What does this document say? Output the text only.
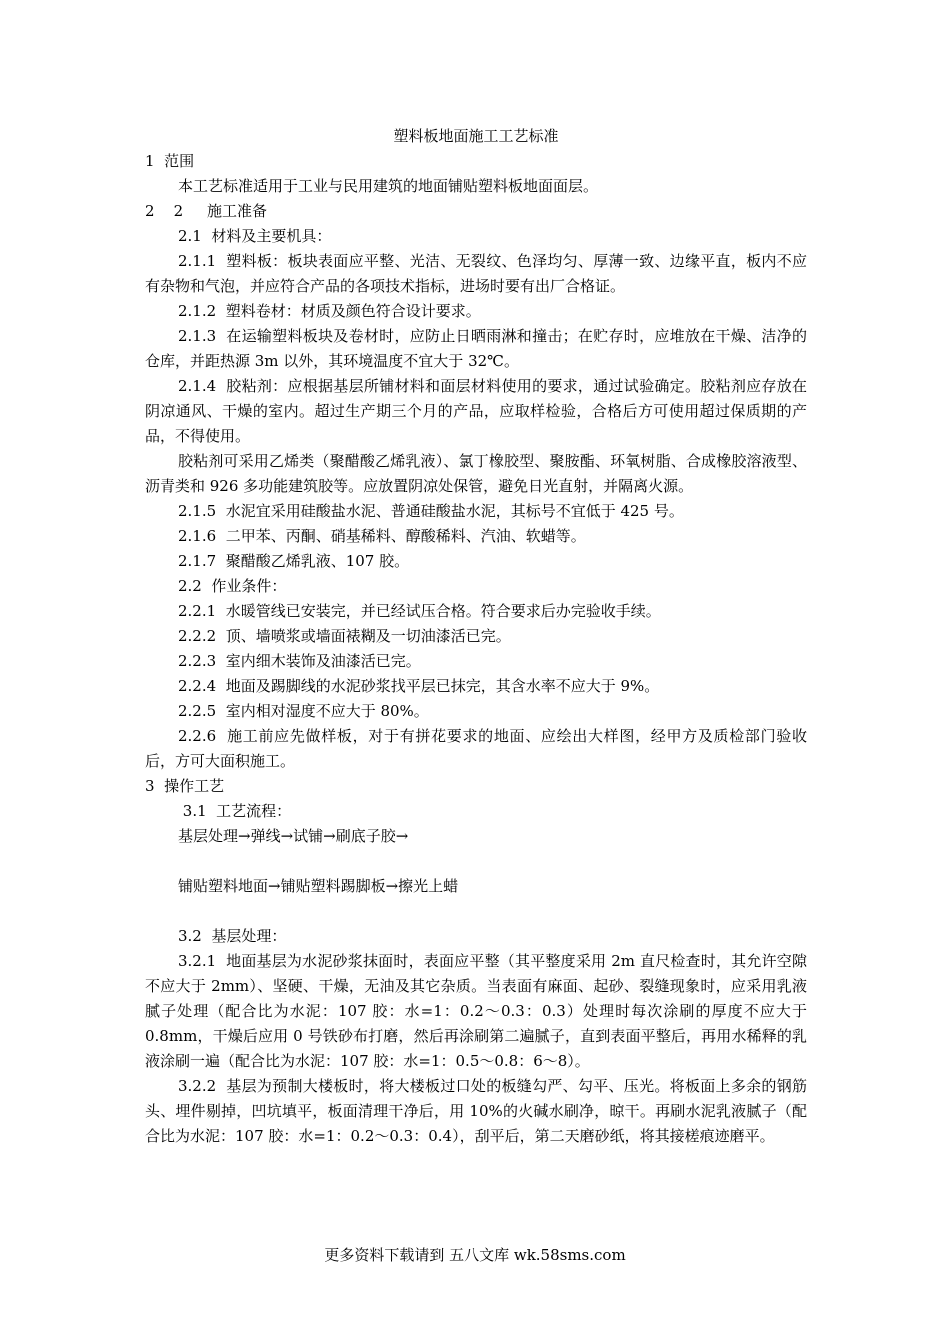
塑料板地面施工工艺标准

1  范围

本工艺标准适用于工业与民用建筑的地面铺贴塑料板地面面层。

2    2     施工准备

2.1  材料及主要机具：

2.1.1  塑料板：板块表面应平整、光洁、无裂纹、色泽均匀、厚薄一致、边缘平直，板内不应有杂物和气泡，并应符合产品的各项技术指标，进场时要有出厂合格证。

2.1.2  塑料卷材：材质及颜色符合设计要求。

2.1.3  在运输塑料板块及卷材时，应防止日晒雨淋和撞击；在贮存时，应堆放在干燥、洁净的仓库，并距热源 3m 以外，其环境温度不宜大于 32℃。

2.1.4  胶粘剂：应根据基层所铺材料和面层材料使用的要求，通过试验确定。胶粘剂应存放在阴凉通风、干燥的室内。超过生产期三个月的产品，应取样检验，合格后方可使用超过保质期的产品，不得使用。

胶粘剂可采用乙烯类（聚醋酸乙烯乳液）、氯丁橡胶型、聚胺酯、环氧树脂、合成橡胶溶液型、沥青类和 926 多功能建筑胶等。应放置阴凉处保管，避免日光直射，并隔离火源。

2.1.5  水泥宜采用硅酸盐水泥、普通硅酸盐水泥，其标号不宜低于 425 号。

2.1.6  二甲苯、丙酮、硝基稀料、醇酸稀料、汽油、软蜡等。

2.1.7  聚醋酸乙烯乳液、107 胶。

2.2  作业条件：

2.2.1  水暖管线已安装完，并已经试压合格。符合要求后办完验收手续。

2.2.2  顶、墙喷浆或墙面裱糊及一切油漆活已完。

2.2.3  室内细木装饰及油漆活已完。

2.2.4  地面及踢脚线的水泥砂浆找平层已抹完，其含水率不应大于 9%。

2.2.5  室内相对湿度不应大于 80%。

2.2.6  施工前应先做样板，对于有拼花要求的地面、应绘出大样图，经甲方及质检部门验收后，方可大面积施工。

3  操作工艺

3.1  工艺流程：

基层处理→弹线→试铺→刷底子胶→

铺贴塑料地面→铺贴塑料踢脚板→擦光上蜡

3.2  基层处理：

3.2.1  地面基层为水泥砂浆抹面时，表面应平整（其平整度采用 2m 直尺检查时，其允许空隙不应大于 2mm）、坚硬、干燥，无油及其它杂质。当表面有麻面、起砂、裂缝现象时，应采用乳液腻子处理（配合比为水泥：107 胶：水=1：0.2～0.3：0.3）处理时每次涂刷的厚度不应大于 0.8mm，干燥后应用 0 号铁砂布打磨，然后再涂刷第二遍腻子，直到表面平整后，再用水稀释的乳液涂刷一遍（配合比为水泥：107 胶：水=1：0.5～0.8：6～8）。

3.2.2  基层为预制大楼板时，将大楼板过口处的板缝勾严、勾平、压光。将板面上多余的钢筋头、埋件剔掉，凹坑填平，板面清理干净后，用 10%的火碱水刷净，晾干。再刷水泥乳液腻子（配合比为水泥：107 胶：水=1：0.2～0.3：0.4），刮平后，第二天磨砂纸，将其接槎痕迹磨平。

更多资料下载请到 五八文库 wk.58sms.com
